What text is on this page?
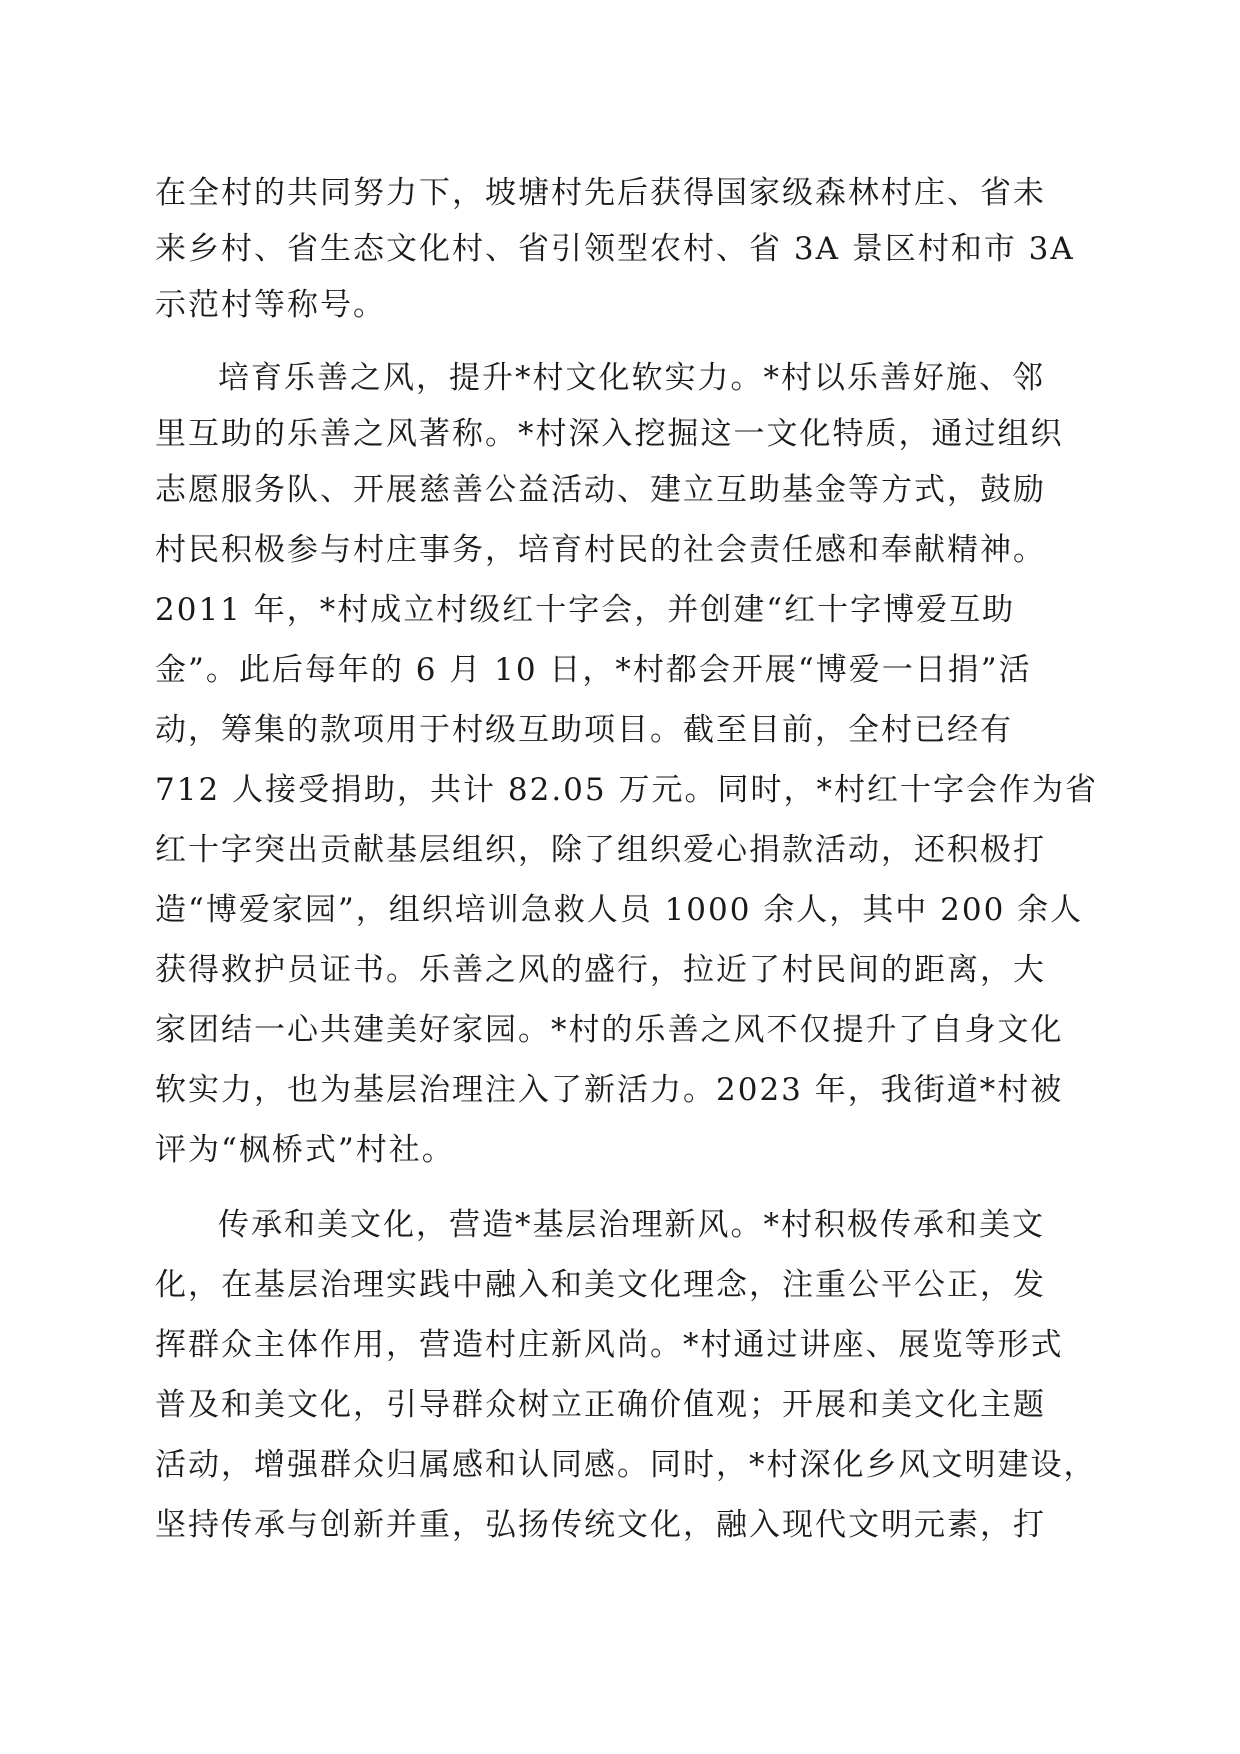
在全村的共同努力下，坡塘村先后获得国家级森林村庄、省未
来乡村、省生态文化村、省引领型农村、省 3A 景区村和市 3A
示范村等称号。
培育乐善之风，提升*村文化软实力。*村以乐善好施、邻
里互助的乐善之风著称。*村深入挖掘这一文化特质，通过组织
志愿服务队、开展慈善公益活动、建立互助基金等方式，鼓励
村民积极参与村庄事务，培育村民的社会责任感和奉献精神。
2011 年，*村成立村级红十字会，并创建“红十字博爱互助
金”。此后每年的 6 月 10 日，*村都会开展“博爱一日捐”活
动，筹集的款项用于村级互助项目。截至目前，全村已经有
712 人接受捐助，共计 82.05 万元。同时，*村红十字会作为省
红十字突出贡献基层组织，除了组织爱心捐款活动，还积极打
造“博爱家园”，组织培训急救人员 1000 余人，其中 200 余人
获得救护员证书。乐善之风的盛行，拉近了村民间的距离，大
家团结一心共建美好家园。*村的乐善之风不仅提升了自身文化
软实力，也为基层治理注入了新活力。2023 年，我街道*村被
评为“枫桥式”村社。
传承和美文化，营造*基层治理新风。*村积极传承和美文
化，在基层治理实践中融入和美文化理念，注重公平公正，发
挥群众主体作用，营造村庄新风尚。*村通过讲座、展览等形式
普及和美文化，引导群众树立正确价值观；开展和美文化主题
活动，增强群众归属感和认同感。同时，*村深化乡风文明建设，
坚持传承与创新并重，弘扬传统文化，融入现代文明元素，打
